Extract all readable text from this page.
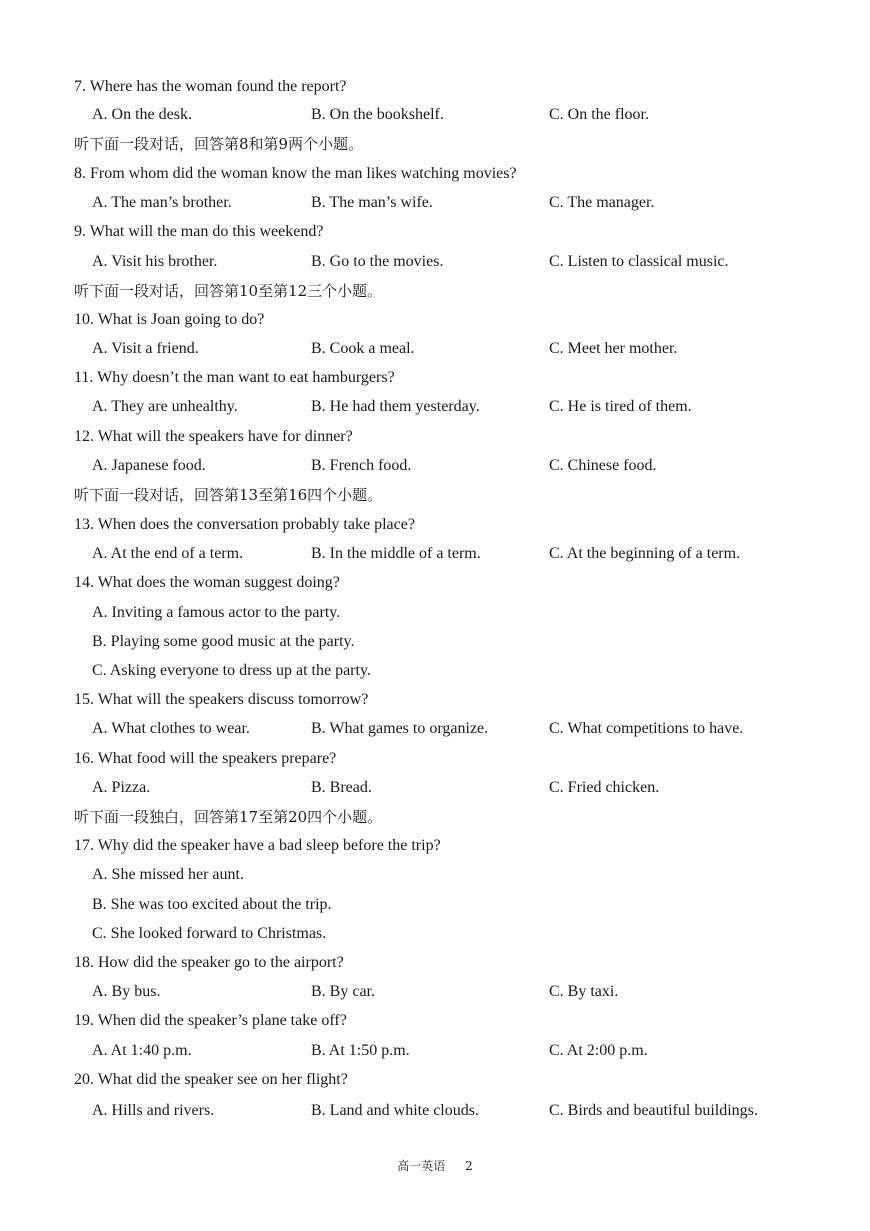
7. Where has the woman found the report?
A. On the desk.	B. On the bookshelf.	C. On the floor.
听下面一段对话，回答第8和第9两个小题。
8. From whom did the woman know the man likes watching movies?
A. The man’s brother.	B. The man’s wife.	C. The manager.
9. What will the man do this weekend?
A. Visit his brother.	B. Go to the movies.	C. Listen to classical music.
听下面一段对话，回答第10至第12三个小题。
10. What is Joan going to do?
A. Visit a friend.	B. Cook a meal.	C. Meet her mother.
11. Why doesn’t the man want to eat hamburgers?
A. They are unhealthy.	B. He had them yesterday.	C. He is tired of them.
12. What will the speakers have for dinner?
A. Japanese food.	B. French food.	C. Chinese food.
听下面一段对话，回答第13至第16四个小题。
13. When does the conversation probably take place?
A. At the end of a term.	B. In the middle of a term.	C. At the beginning of a term.
14. What does the woman suggest doing?
A. Inviting a famous actor to the party.
B. Playing some good music at the party.
C. Asking everyone to dress up at the party.
15. What will the speakers discuss tomorrow?
A. What clothes to wear.	B. What games to organize.	C. What competitions to have.
16. What food will the speakers prepare?
A. Pizza.	B. Bread.	C. Fried chicken.
听下面一段独白，回答第17至第20四个小题。
17. Why did the speaker have a bad sleep before the trip?
A. She missed her aunt.
B. She was too excited about the trip.
C. She looked forward to Christmas.
18. How did the speaker go to the airport?
A. By bus.	B. By car.	C. By taxi.
19. When did the speaker’s plane take off?
A. At 1:40 p.m.	B. At 1:50 p.m.	C. At 2:00 p.m.
20. What did the speaker see on her flight?
A. Hills and rivers.	B. Land and white clouds.	C. Birds and beautiful buildings.
高一英语 2
